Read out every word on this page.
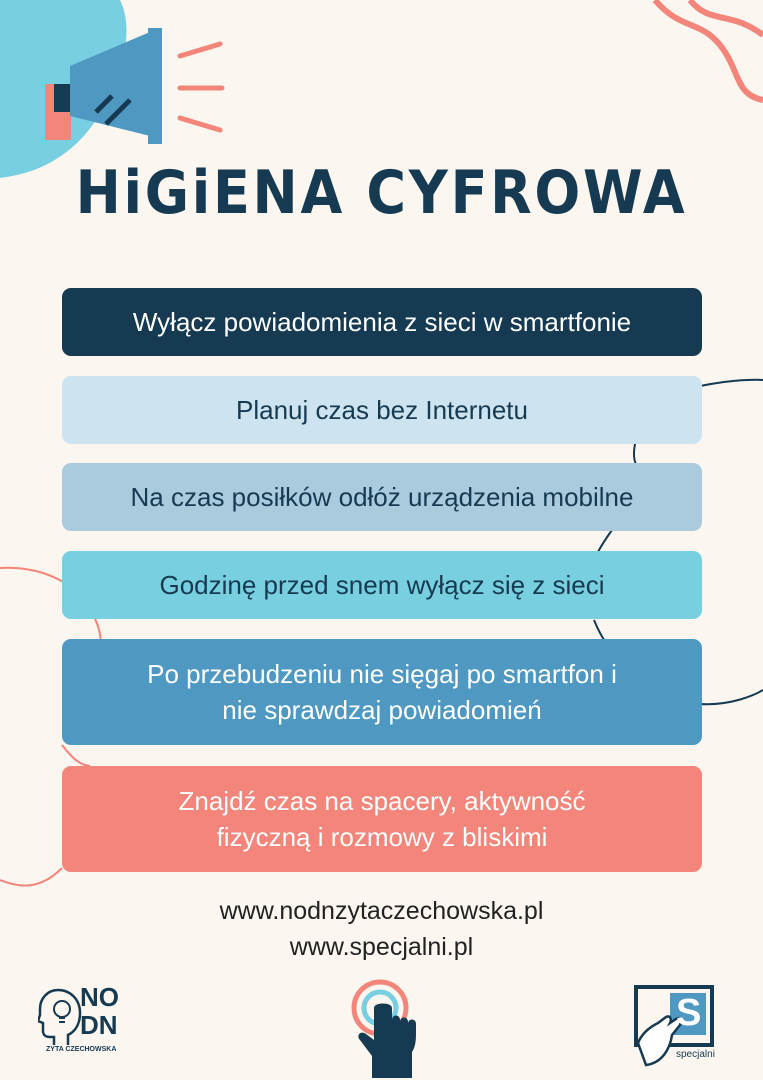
HiGiENA CYFROWA
Wyłącz powiadomienia z sieci w smartfonie
Planuj czas bez Internetu
Na czas posiłków odłóż urządzenia mobilne
Godzinę przed snem wyłącz się z sieci
Po przebudzeniu nie sięgaj po smartfon i
nie sprawdzaj powiadomień
Znajdź czas na spacery, aktywność
fizyczną i rozmowy z bliskimi
www.nodnzytaczechowska.pl
www.specjalni.pl
NO
DN
ZYTA CZECHOWSKA
S
specjalni
